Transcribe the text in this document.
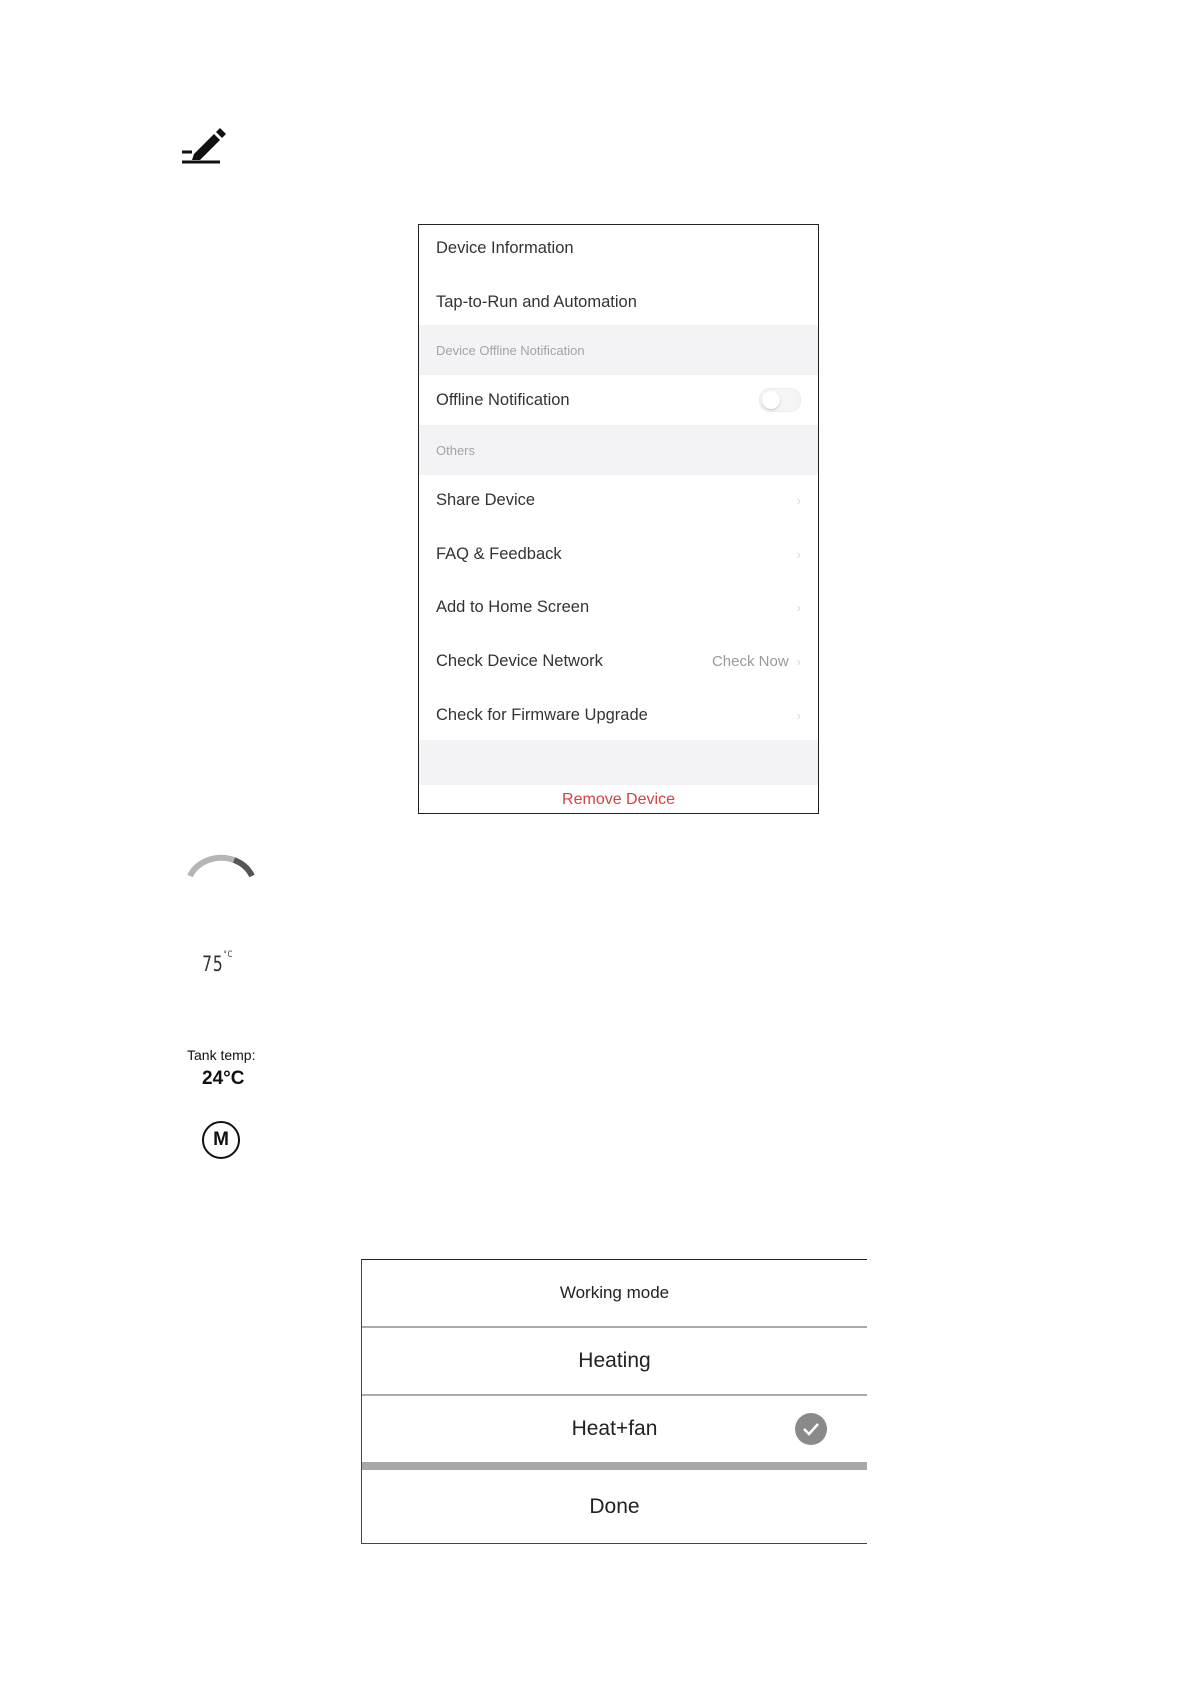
Device Information
Tap-to-Run and Automation
Device Offline Notification
Offline Notification
Others
Share Device	›
FAQ & Feedback	›
Add to Home Screen	›
Check Device Network	Check Now ›
Check for Firmware Upgrade	›
Remove Device
$75^{^\circ C}$
Tank temp:
24°C
M
Working mode
Heating
Heat+fan
Done
